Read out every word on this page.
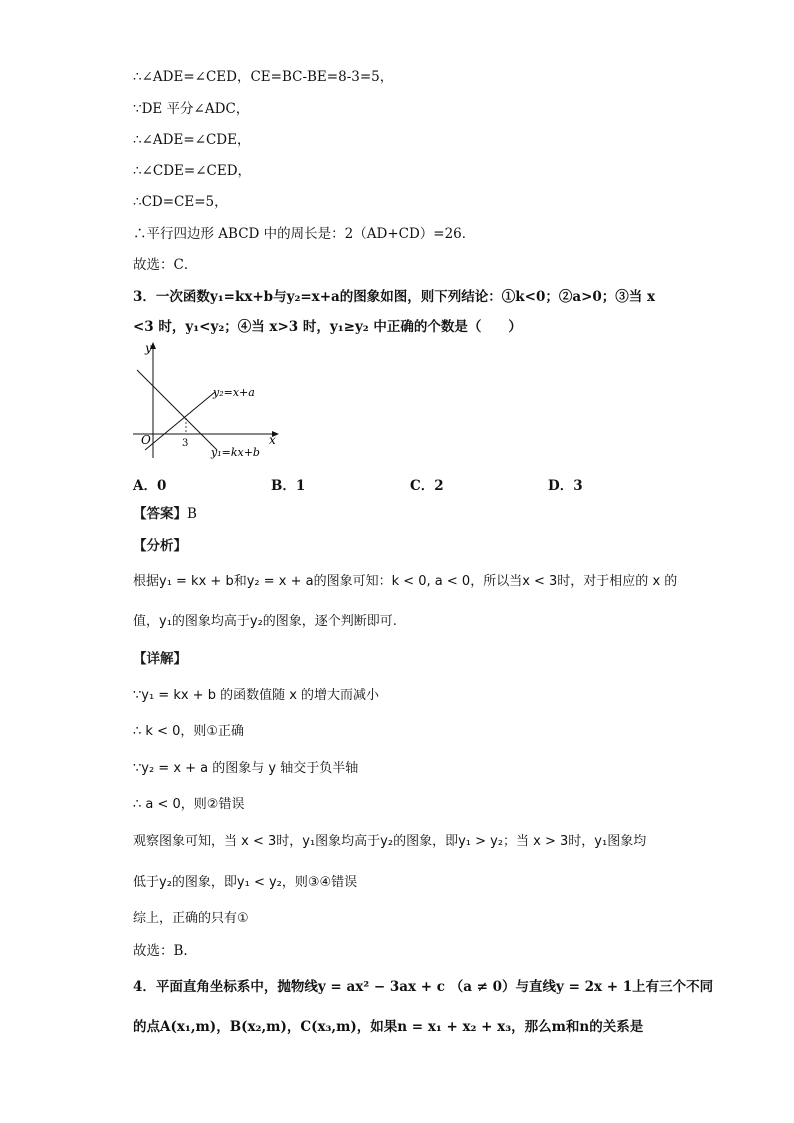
∴∠ADE=∠CED，CE=BC-BE=8-3=5，
∵DE 平分∠ADC，
∴∠ADE=∠CDE，
∴∠CDE=∠CED，
∴CD=CE=5，
∴平行四边形 ABCD 中的周长是：2（AD+CD）=26．
故选：C．
3．一次函数y₁=kx+b与y₂=x+a的图象如图，则下列结论：①k<0；②a>0；③当 x
<3 时，y₁<y₂；④当 x>3 时，y₁≥y₂ 中正确的个数是（　　）
y
x
O	3
y₂=x+a
y₁=kx+b
A．0	B．1	C．2	D．3
【答案】B
【分析】
根据y₁ = kx + b和y₂ = x + a的图象可知：k < 0, a < 0，所以当x < 3时，对于相应的 x 的
值，y₁的图象均高于y₂的图象，逐个判断即可.
【详解】
∵y₁ = kx + b 的函数值随 x 的增大而减小
∴ k < 0，则①正确
∵y₂ = x + a 的图象与 y 轴交于负半轴
∴ a < 0，则②错误
观察图象可知，当 x < 3时，y₁图象均高于y₂的图象，即y₁ > y₂；当 x > 3时，y₁图象均
低于y₂的图象，即y₁ < y₂，则③④错误
综上，正确的只有①
故选：B.
4．平面直角坐标系中，抛物线y = ax² − 3ax + c （a ≠ 0）与直线y = 2x + 1上有三个不同
的点A(x₁,m)，B(x₂,m)，C(x₃,m)，如果n = x₁ + x₂ + x₃，那么m和n的关系是
